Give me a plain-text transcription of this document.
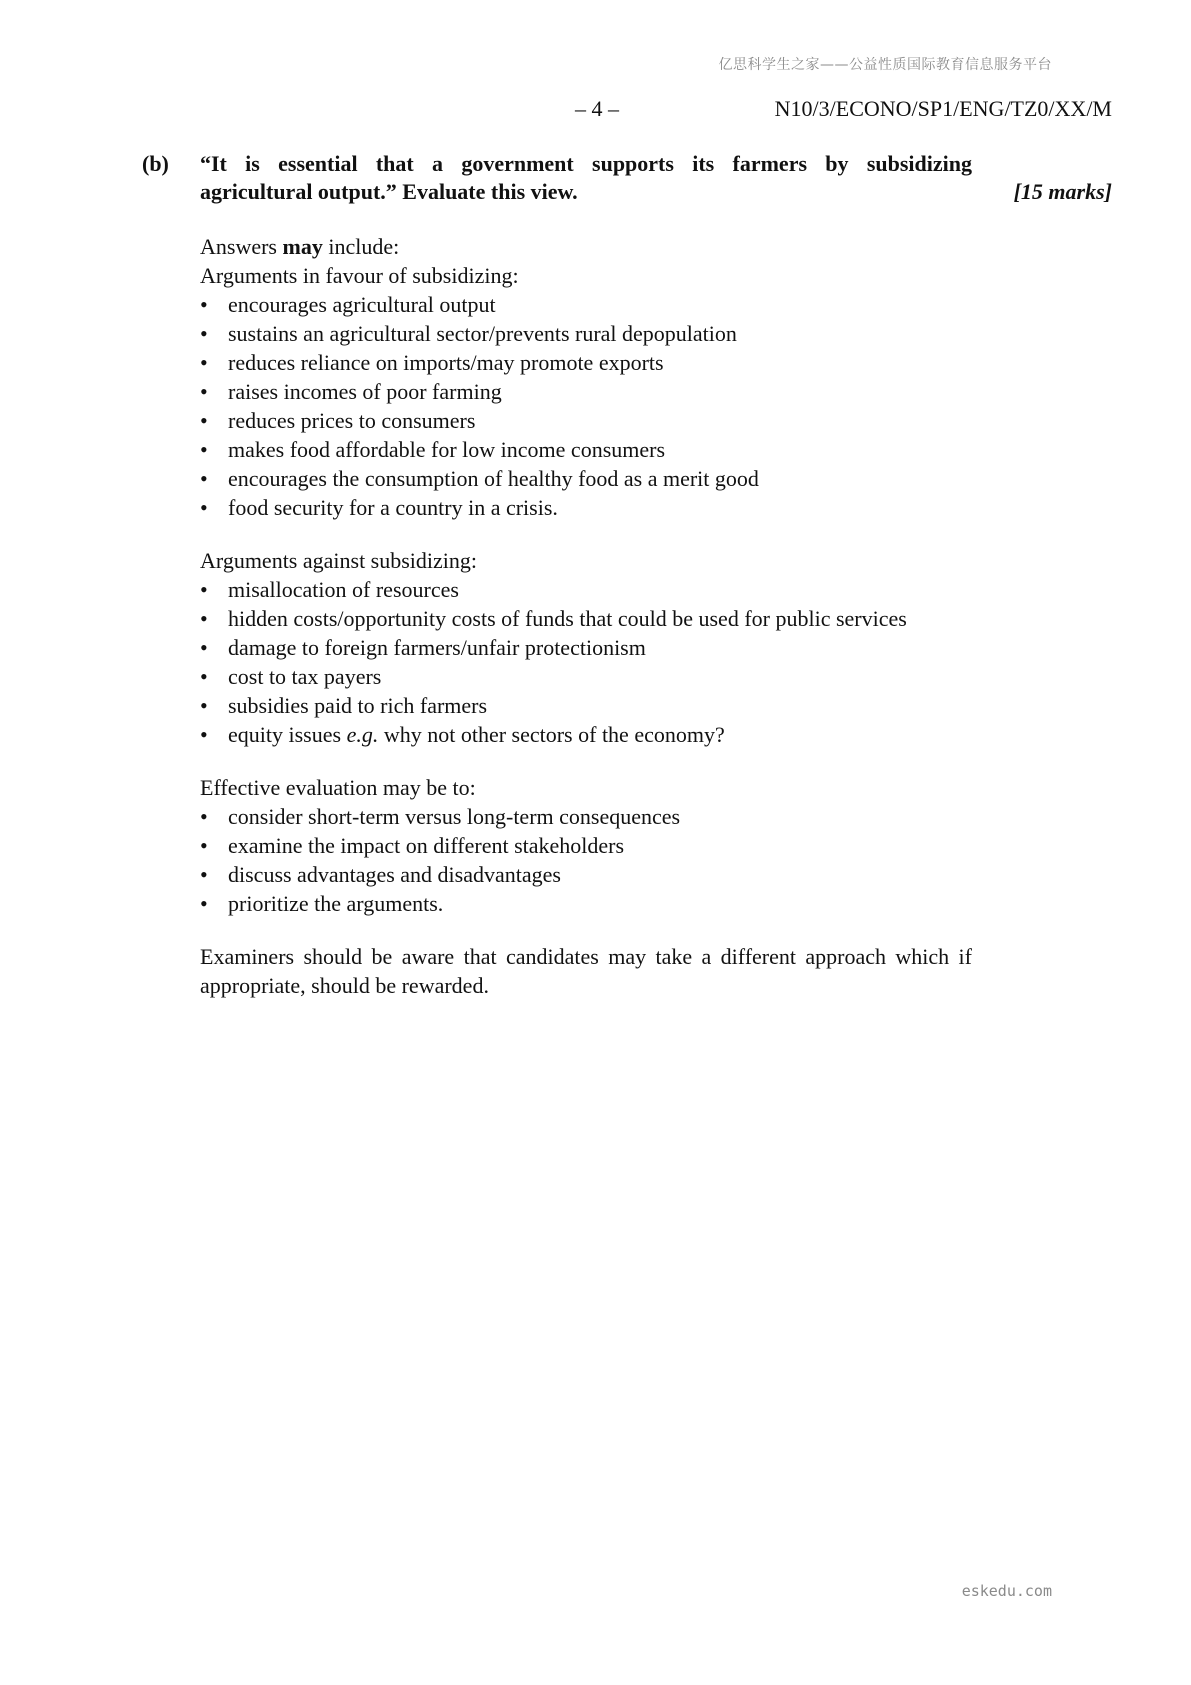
亿思科学生之家——公益性质国际教育信息服务平台
– 4 –	N10/3/ECONO/SP1/ENG/TZ0/XX/M
(b) “It is essential that a government supports its farmers by subsidizing
agricultural output.” Evaluate this view.	[15 marks]

Answers may include:

Arguments in favour of subsidizing:

• encourages agricultural output
• sustains an agricultural sector/prevents rural depopulation
• reduces reliance on imports/may promote exports
• raises incomes of poor farming
• reduces prices to consumers
• makes food affordable for low income consumers
• encourages the consumption of healthy food as a merit good
• food security for a country in a crisis.

Arguments against subsidizing:

• misallocation of resources
• hidden costs/opportunity costs of funds that could be used for public services
• damage to foreign farmers/unfair protectionism
• cost to tax payers
• subsidies paid to rich farmers
• equity issues e.g. why not other sectors of the economy?

Effective evaluation may be to:

• consider short-term versus long-term consequences
• examine the impact on different stakeholders
• discuss advantages and disadvantages
• prioritize the arguments.

Examiners should be aware that candidates may take a different approach which if appropriate, should be rewarded.

eskedu.com
